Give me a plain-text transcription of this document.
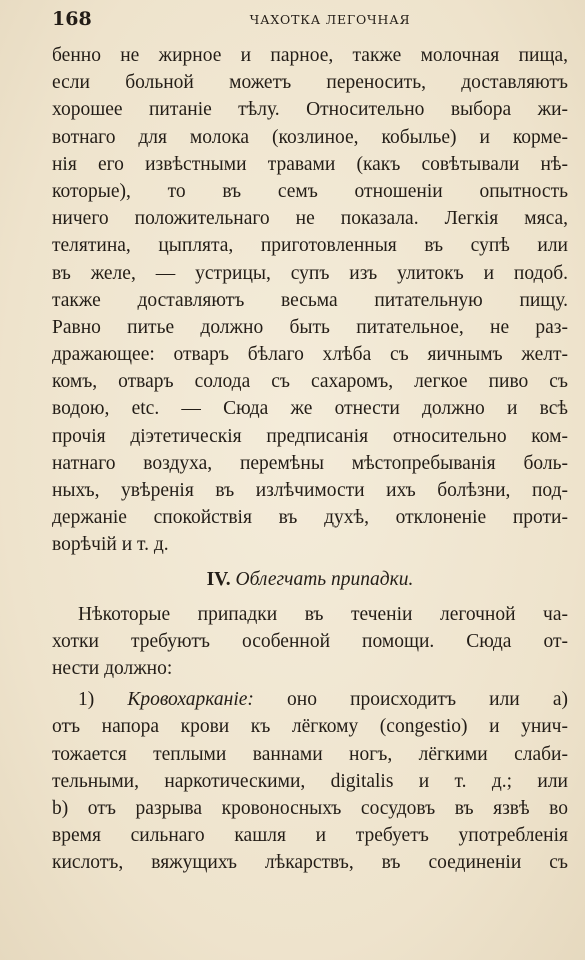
168	ЧАХОТКА ЛЕГОЧНАЯ
бенно не жирное и парное, также молочная пища,
если больной можетъ переносить, доставляютъ
хорошее питаніе тѣлу. Относительно выбора жи-
вотнаго для молока (козлиное, кобылье) и корме-
нія его извѣстными травами (какъ совѣтывали нѣ-
которые), то въ семъ отношеніи опытность
ничего положительнаго не показала. Легкія мяса,
телятина, цыплята, приготовленныя въ супѣ или
въ желе, — устрицы, супъ изъ улитокъ и подоб.
также доставляютъ весьма питательную пищу.
Равно питье должно быть питательное, не раз-
дражающее: отваръ бѣлаго хлѣба съ яичнымъ желт-
комъ, отваръ солода съ сахаромъ, легкое пиво съ
водою, etc. — Сюда же отнести должно и всѣ
прочія діэтетическія предписанія относительно ком-
натнаго воздуха, перемѣны мѣстопребыванія боль-
ныхъ, увѣренія въ излѣчимости ихъ болѣзни, под-
держаніе спокойствія въ духѣ, отклоненіе проти-
ворѣчій и т. д.
IV. Облегчать припадки.
Нѣкоторые припадки въ теченіи легочной ча-
хотки требуютъ особенной помощи. Сюда от-
нести должно:
1) Кровохарканіе: оно происходитъ или а)
отъ напора крови къ лёгкому (congestio) и унич-
тожается теплыми ваннами ногъ, лёгкими слаби-
тельными, наркотическими, digitalis и т. д.; или
b) отъ разрыва кровоносныхъ сосудовъ въ язвѣ во
время сильнаго кашля и требуетъ употребленія
кислотъ, вяжущихъ лѣкарствъ, въ соединеніи съ
